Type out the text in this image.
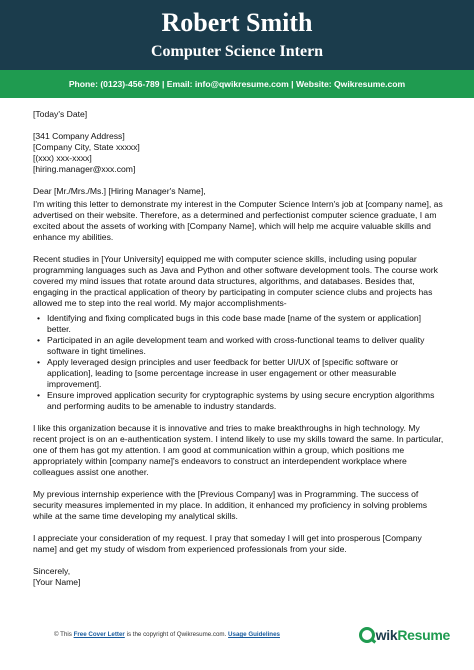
Robert Smith
Computer Science Intern
Phone: (0123)-456-789 | Email: info@qwikresume.com | Website: Qwikresume.com

[Today's Date]

[341 Company Address]
[Company City, State xxxxx]
[(xxx) xxx-xxxx]
[hiring.manager@xxx.com]

Dear [Mr./Mrs./Ms.] [Hiring Manager's Name],

I'm writing this letter to demonstrate my interest in the Computer Science Intern's job at [company name], as advertised on their website. Therefore, as a determined and perfectionist computer science graduate, I am excited about the assets of working with [Company Name], which will help me acquire valuable skills and enhance my abilities.

Recent studies in [Your University] equipped me with computer science skills, including using popular programming languages such as Java and Python and other software development tools. The course work covered my mind issues that rotate around data structures, algorithms, and databases. Besides that, engaging in the practical application of theory by participating in computer science clubs and projects has allowed me to step into the real world. My major accomplishments-

• Identifying and fixing complicated bugs in this code base made [name of the system or application] better.
• Participated in an agile development team and worked with cross-functional teams to deliver quality software in tight timelines.
• Apply leveraged design principles and user feedback for better UI/UX of [specific software or application], leading to [some percentage increase in user engagement or other measurable improvement].
• Ensure improved application security for cryptographic systems by using secure encryption algorithms and performing audits to be amenable to industry standards.

I like this organization because it is innovative and tries to make breakthroughs in high technology. My recent project is on an e-authentication system. I intend likely to use my skills toward the same. In particular, one of them has got my attention. I am good at communication within a group, which positions me appropriately within [company name]'s endeavors to construct an interdependent workplace where colleagues assist one another.

My previous internship experience with the [Previous Company] was in Programming. The success of security measures implemented in my place. In addition, it enhanced my proficiency in solving problems while at the same time developing my analytical skills.

I appreciate your consideration of my request. I pray that someday I will get into prosperous [Company name] and get my study of wisdom from experienced professionals from your side.

Sincerely,
[Your Name]
© This Free Cover Letter is the copyright of Qwikresume.com. Usage Guidelines	wik Resume
